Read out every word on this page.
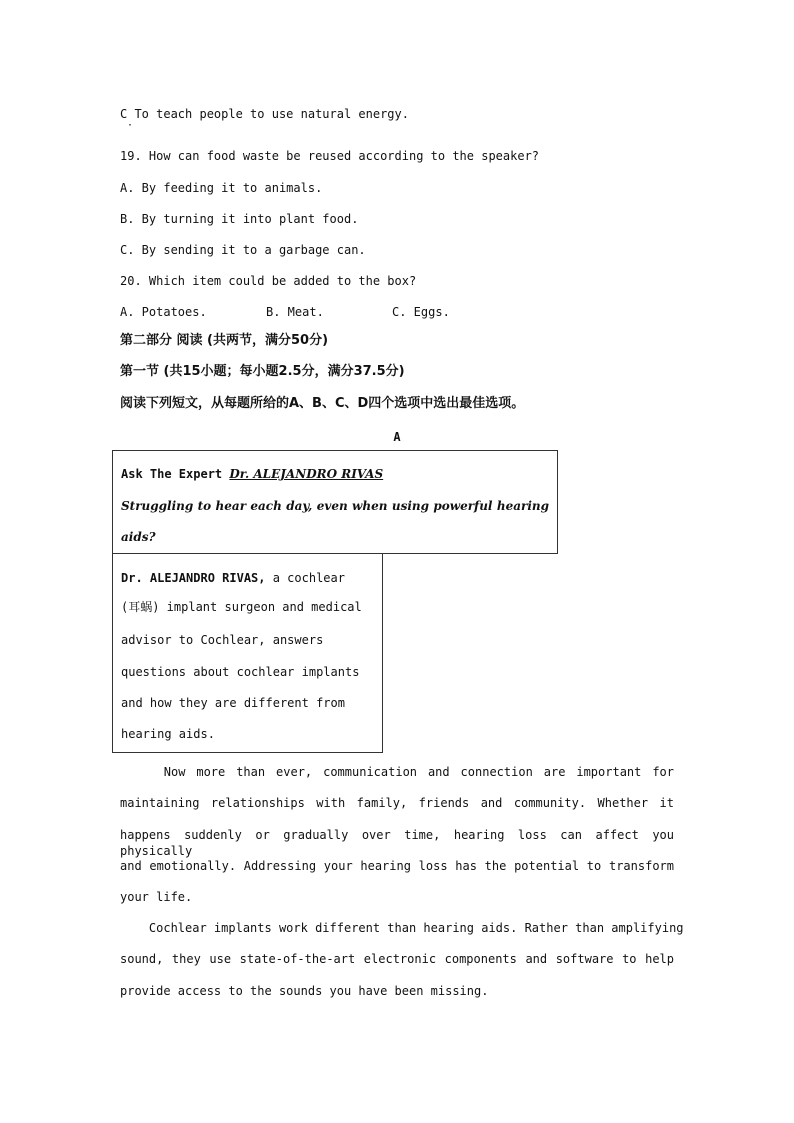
C To teach people to use natural energy.
·
19. How can food waste be reused according to the speaker?
A. By feeding it to animals.
B. By turning it into plant food.
C. By sending it to a garbage can.
20. Which item could be added to the box?
A. Potatoes.	B. Meat.	C. Eggs.
第二部分 阅读 (共两节，满分50分)
第一节 (共15小题；每小题2.5分，满分37.5分)
阅读下列短文，从每题所给的A、B、C、D四个选项中选出最佳选项。
A
Ask The Expert Dr. ALEJANDRO RIVAS
Struggling to hear each day, even when using powerful hearing
aids?
Dr. ALEJANDRO RIVAS, a cochlear
(耳蜗) implant surgeon and medical
advisor to Cochlear, answers
questions about cochlear implants
and how they are different from
hearing aids.
Now more than ever, communication and connection are important for
maintaining relationships with family, friends and community. Whether it
happens suddenly or gradually over time, hearing loss can affect you physically
and emotionally. Addressing your hearing loss has the potential to transform
your life.
Cochlear implants work different than hearing aids. Rather than amplifying
sound, they use state-of-the-art electronic components and software to help
provide access to the sounds you have been missing.
